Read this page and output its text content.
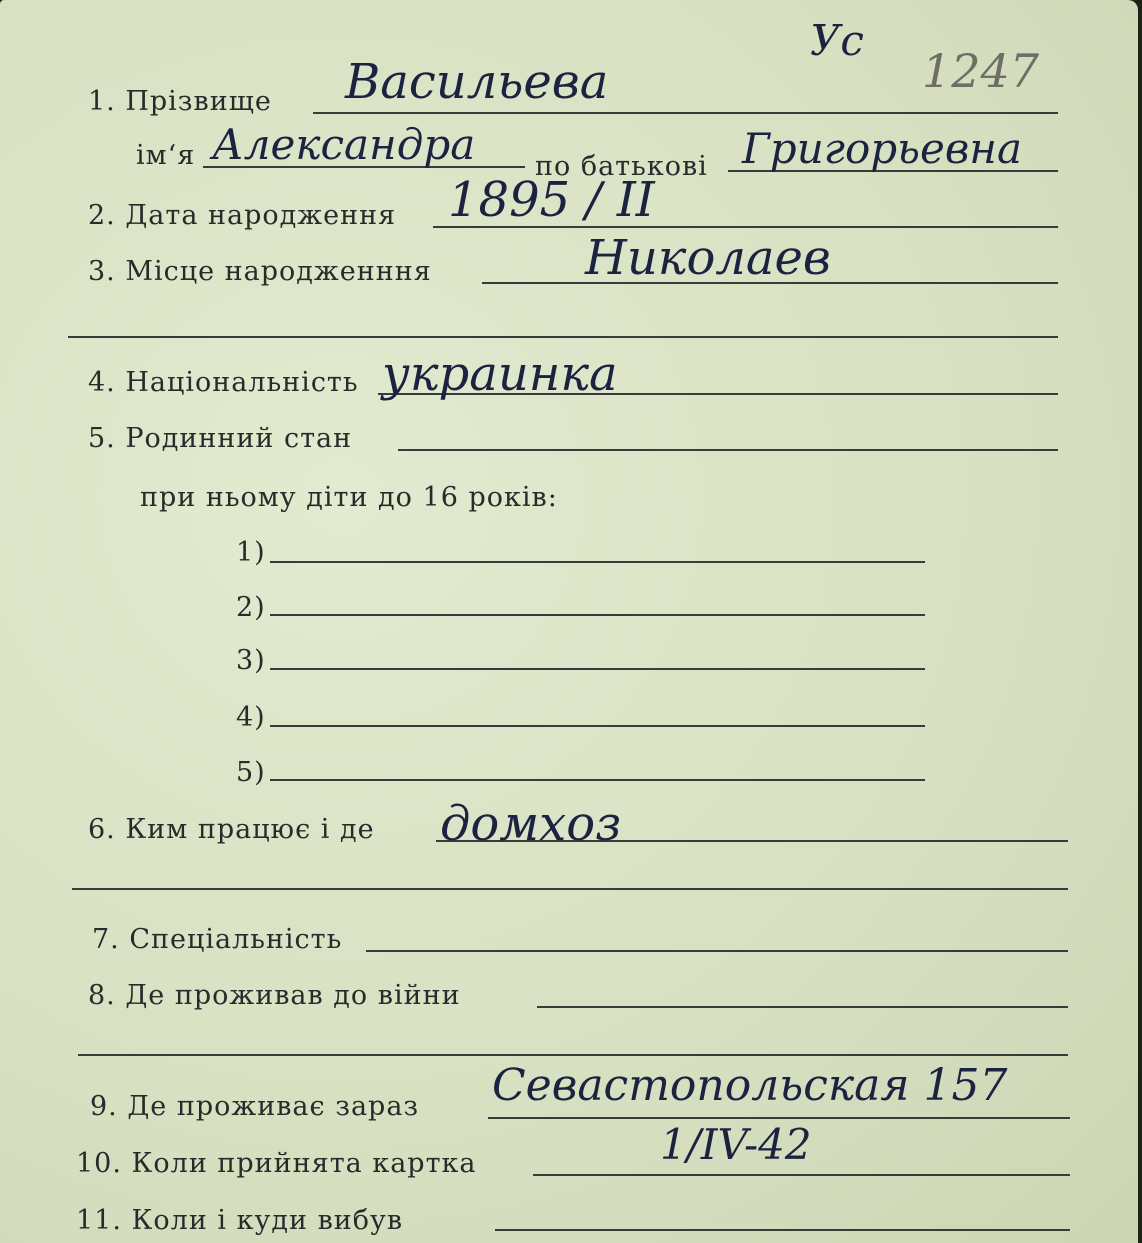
Ус
1247
1. Прізвище Васильева
ім‘я Александра по батькові Григорьевна
2. Дата народження 1895 / II
3. Місце народженння	Николаев
4. Національність украинка
5. Родинний стан
при ньому діти до 16 років:
1)
2)
3)
4)
5)
6. Ким працює і де домхоз
7. Спеціальність
8. Де проживав до війни
9. Де проживає зараз Севастопольская 157
10. Коли прийнята картка	1/IV-42
11. Коли і куди вибув
